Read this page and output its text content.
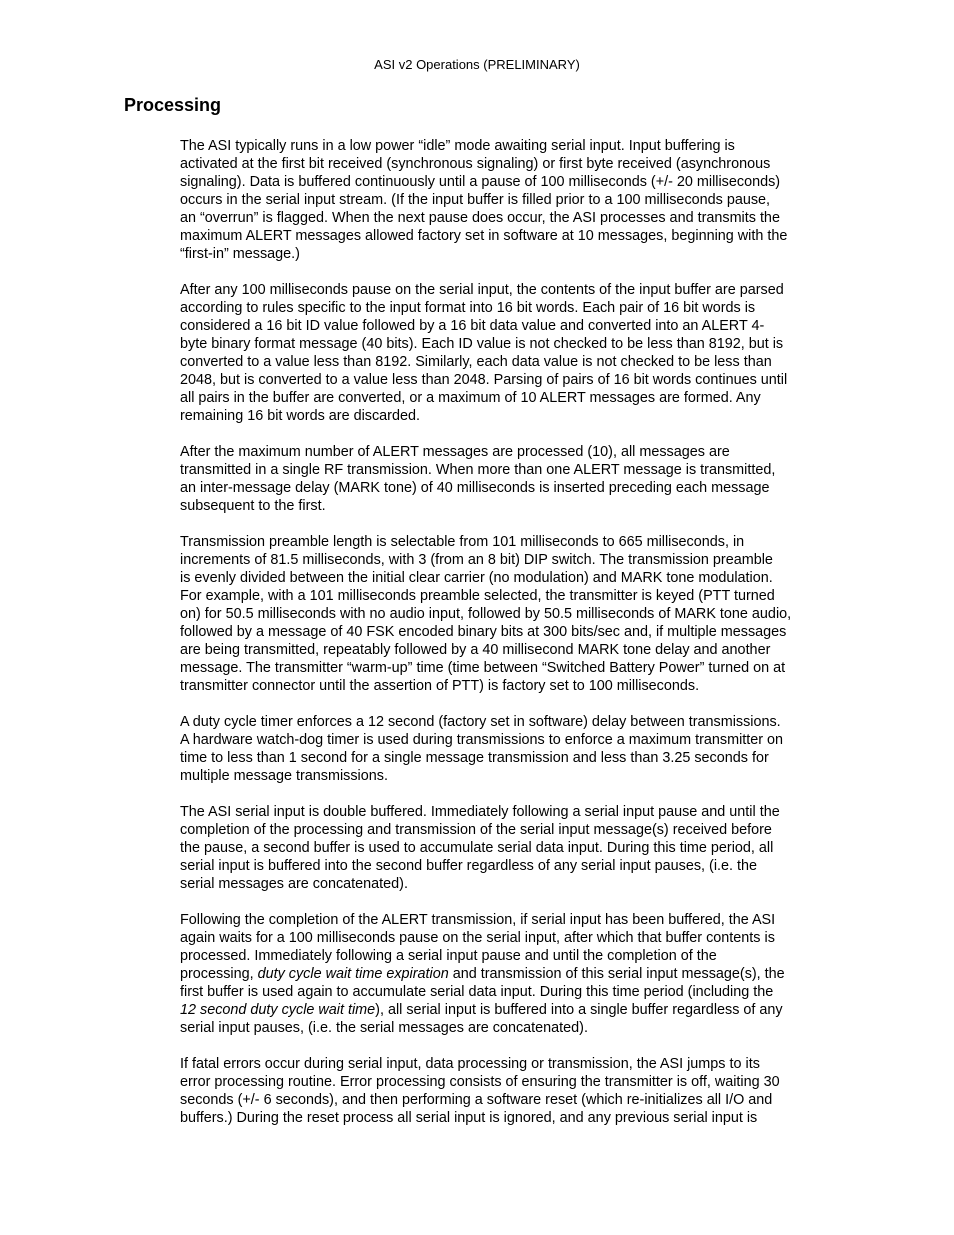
ASI v2 Operations (PRELIMINARY)
Processing

The ASI typically runs in a low power “idle” mode awaiting serial input. Input buffering is
activated at the first bit received (synchronous signaling) or first byte received (asynchronous
signaling). Data is buffered continuously until a pause of 100 milliseconds (+/- 20 milliseconds)
occurs in the serial input stream. (If the input buffer is filled prior to a 100 milliseconds pause,
an “overrun” is flagged. When the next pause does occur, the ASI processes and transmits the
maximum ALERT messages allowed factory set in software at 10 messages, beginning with the
“first-in” message.)

After any 100 milliseconds pause on the serial input, the contents of the input buffer are parsed
according to rules specific to the input format into 16 bit words. Each pair of 16 bit words is
considered a 16 bit ID value followed by a 16 bit data value and converted into an ALERT 4-
byte binary format message (40 bits). Each ID value is not checked to be less than 8192, but is
converted to a value less than 8192. Similarly, each data value is not checked to be less than
2048, but is converted to a value less than 2048. Parsing of pairs of 16 bit words continues until
all pairs in the buffer are converted, or a maximum of 10 ALERT messages are formed. Any
remaining 16 bit words are discarded.

After the maximum number of ALERT messages are processed (10), all messages are
transmitted in a single RF transmission. When more than one ALERT message is transmitted,
an inter-message delay (MARK tone) of 40 milliseconds is inserted preceding each message
subsequent to the first.

Transmission preamble length is selectable from 101 milliseconds to 665 milliseconds, in
increments of 81.5 milliseconds, with 3 (from an 8 bit) DIP switch. The transmission preamble
is evenly divided between the initial clear carrier (no modulation) and MARK tone modulation.
For example, with a 101 milliseconds preamble selected, the transmitter is keyed (PTT turned
on) for 50.5 milliseconds with no audio input, followed by 50.5 milliseconds of MARK tone audio,
followed by a message of 40 FSK encoded binary bits at 300 bits/sec and, if multiple messages
are being transmitted, repeatably followed by a 40 millisecond MARK tone delay and another
message. The transmitter “warm-up” time (time between “Switched Battery Power” turned on at
transmitter connector until the assertion of PTT) is factory set to 100 milliseconds.

A duty cycle timer enforces a 12 second (factory set in software) delay between transmissions.
A hardware watch-dog timer is used during transmissions to enforce a maximum transmitter on
time to less than 1 second for a single message transmission and less than 3.25 seconds for
multiple message transmissions.

The ASI serial input is double buffered. Immediately following a serial input pause and until the
completion of the processing and transmission of the serial input message(s) received before
the pause, a second buffer is used to accumulate serial data input. During this time period, all
serial input is buffered into the second buffer regardless of any serial input pauses, (i.e. the
serial messages are concatenated).

Following the completion of the ALERT transmission, if serial input has been buffered, the ASI
again waits for a 100 milliseconds pause on the serial input, after which that buffer contents is
processed. Immediately following a serial input pause and until the completion of the
processing, duty cycle wait time expiration and transmission of this serial input message(s), the
first buffer is used again to accumulate serial data input. During this time period (including the
12 second duty cycle wait time), all serial input is buffered into a single buffer regardless of any
serial input pauses, (i.e. the serial messages are concatenated).

If fatal errors occur during serial input, data processing or transmission, the ASI jumps to its
error processing routine. Error processing consists of ensuring the transmitter is off, waiting 30
seconds (+/- 6 seconds), and then performing a software reset (which re-initializes all I/O and
buffers.) During the reset process all serial input is ignored, and any previous serial input is
